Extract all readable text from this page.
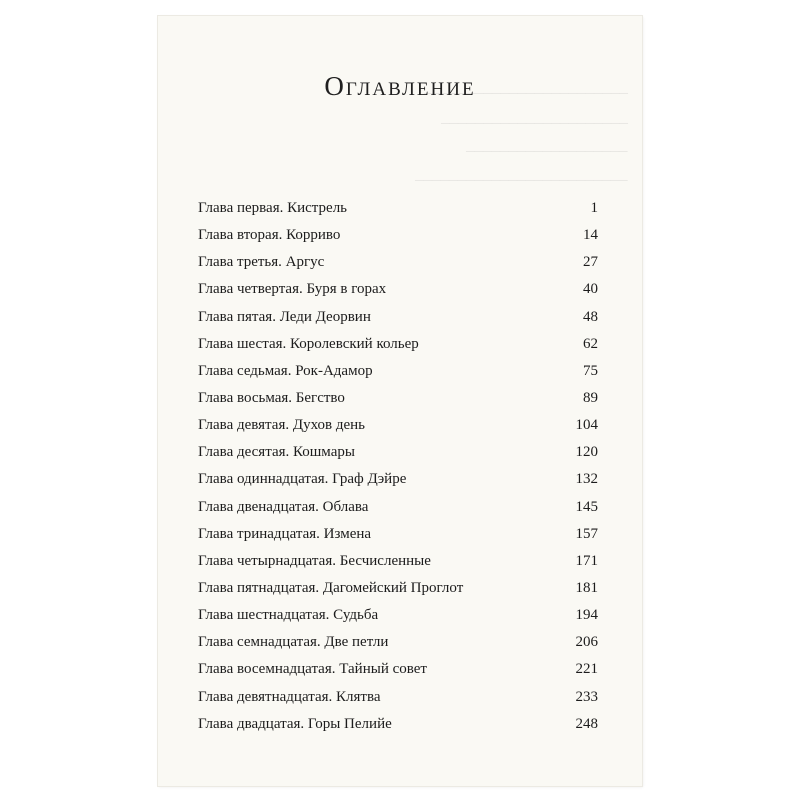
────────────────────────
──────────────────────
───────────────────
─────────────────────────
Оглавление
Глава первая. Кистрель	1
Глава вторая. Корриво	14
Глава третья. Аргус	27
Глава четвертая. Буря в горах	40
Глава пятая. Леди Деорвин	48
Глава шестая. Королевский кольер	62
Глава седьмая. Рок-Адамор	75
Глава восьмая. Бегство	89
Глава девятая. Духов день	104
Глава десятая. Кошмары	120
Глава одиннадцатая. Граф Дэйре	132
Глава двенадцатая. Облава	145
Глава тринадцатая. Измена	157
Глава четырнадцатая. Бесчисленные	171
Глава пятнадцатая. Дагомейский Проглот	181
Глава шестнадцатая. Судьба	194
Глава семнадцатая. Две петли	206
Глава восемнадцатая. Тайный совет	221
Глава девятнадцатая. Клятва	233
Глава двадцатая. Горы Пелийе	248
